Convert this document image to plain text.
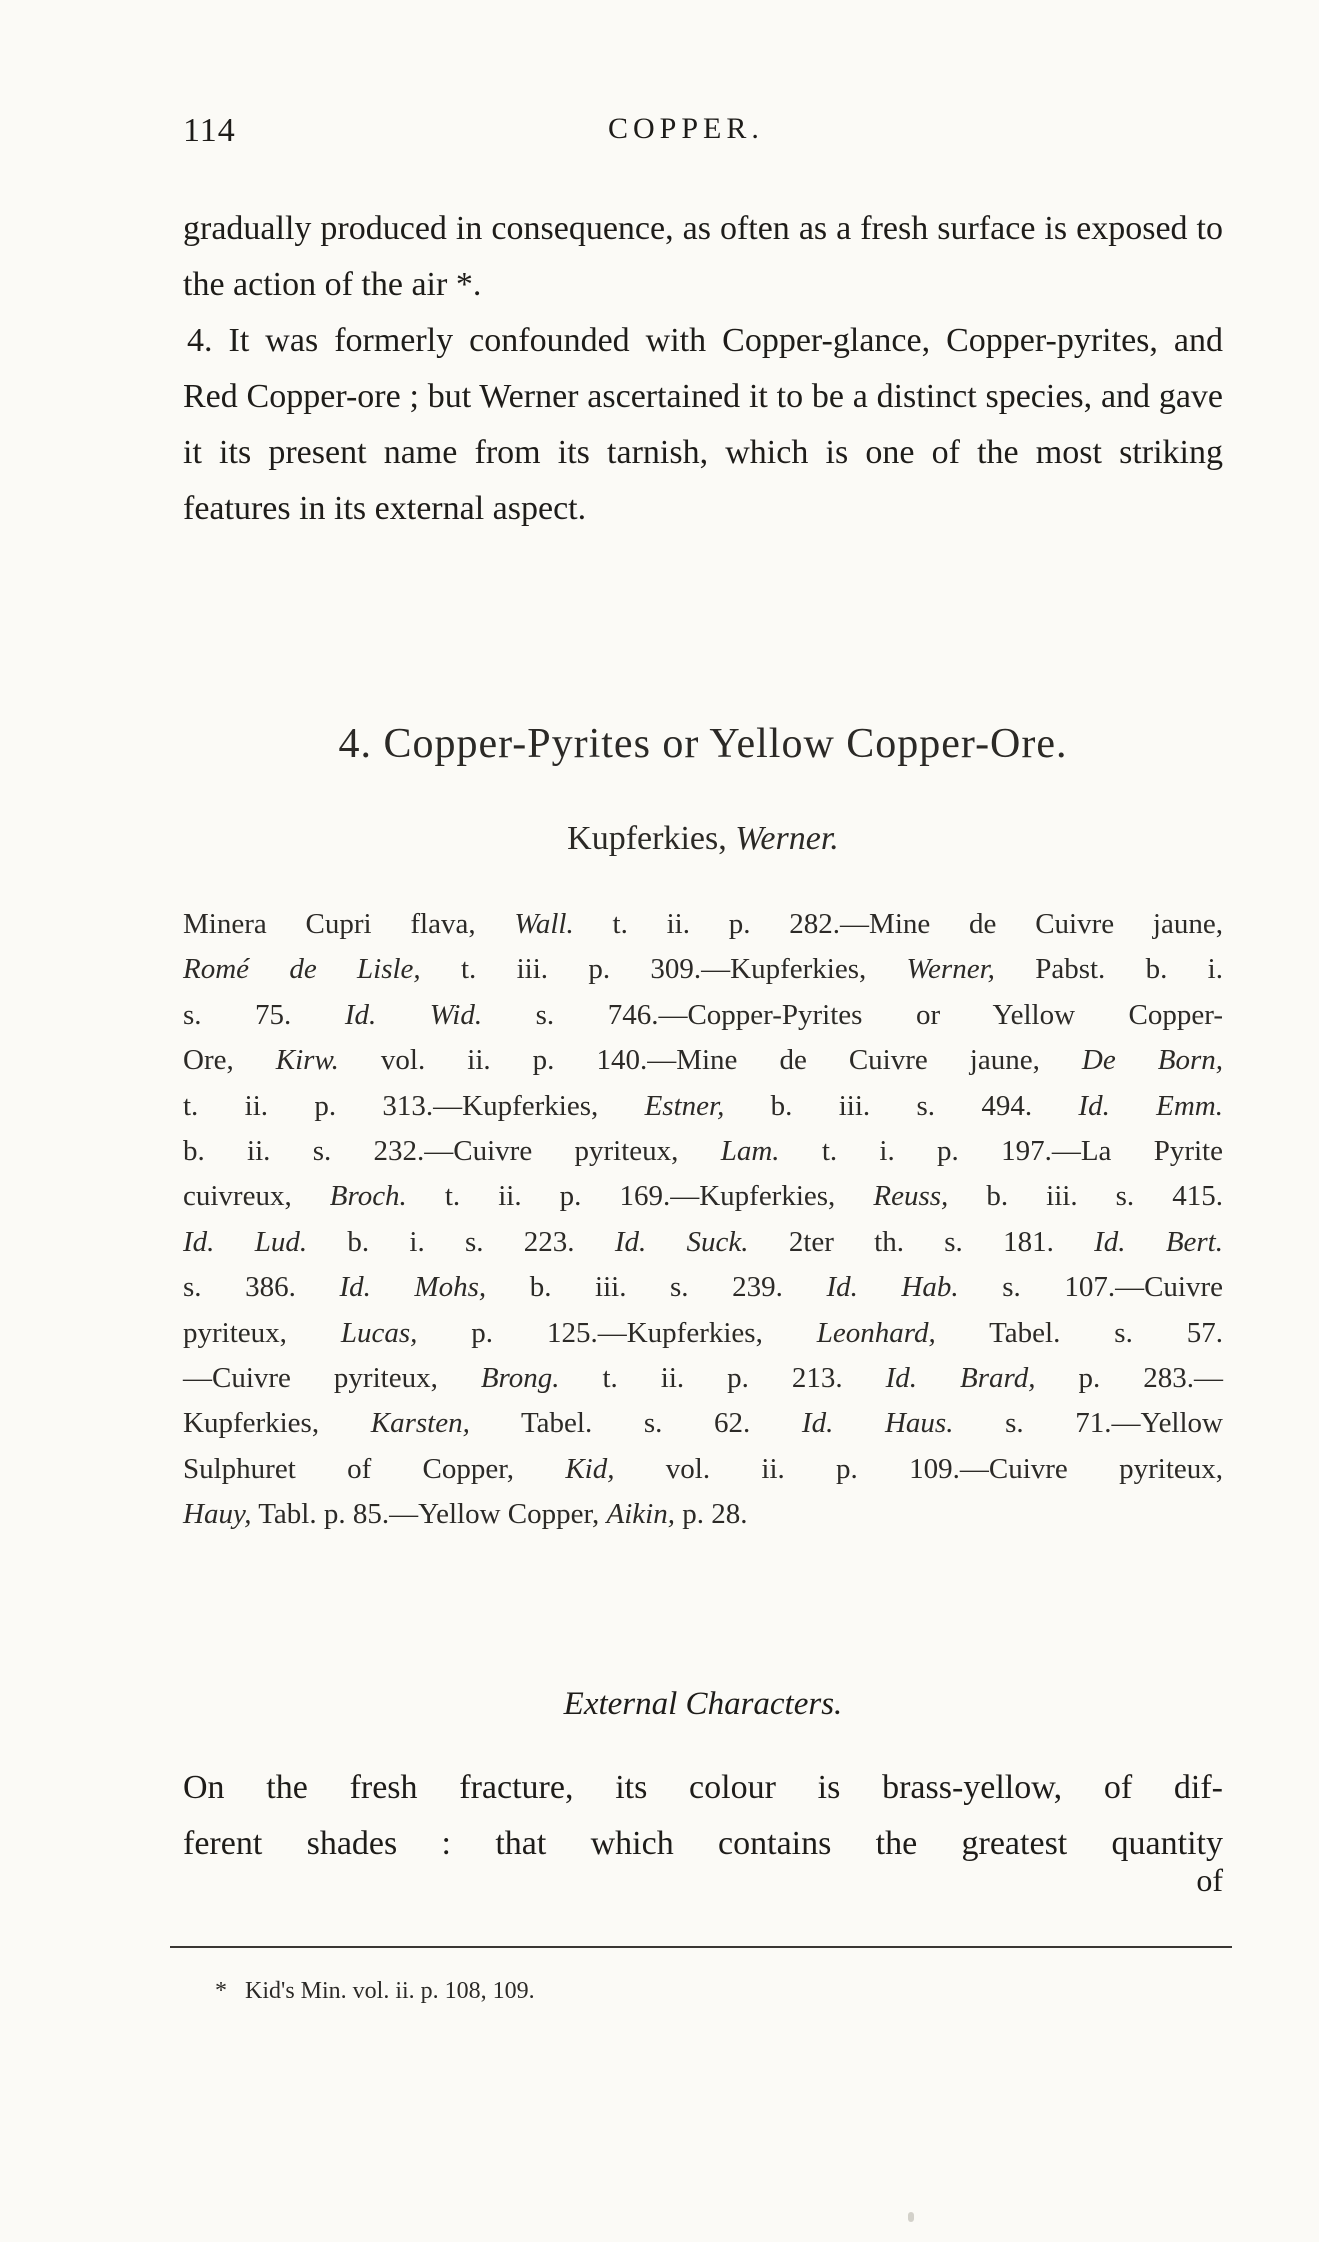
114	COPPER.
gradually produced in consequence, as often as a fresh surface is exposed to the action of the air *.
4. It was formerly confounded with Copper-glance, Copper-pyrites, and Red Copper-ore ; but Werner ascertained it to be a distinct species, and gave it its present name from its tarnish, which is one of the most striking features in its external aspect.
4. Copper-Pyrites or Yellow Copper-Ore.
Kupferkies, Werner.
Minera Cupri flava, Wall. t. ii. p. 282.—Mine de Cuivre jaune,
Romé de Lisle, t. iii. p. 309.—Kupferkies, Werner, Pabst. b. i.
s. 75. Id. Wid. s. 746.—Copper-Pyrites or Yellow Copper-
Ore, Kirw. vol. ii. p. 140.—Mine de Cuivre jaune, De Born,
t. ii. p. 313.—Kupferkies, Estner, b. iii. s. 494. Id. Emm.
b. ii. s. 232.—Cuivre pyriteux, Lam. t. i. p. 197.—La Pyrite
cuivreux, Broch. t. ii. p. 169.—Kupferkies, Reuss, b. iii. s. 415.
Id. Lud. b. i. s. 223. Id. Suck. 2ter th. s. 181. Id. Bert.
s. 386. Id. Mohs, b. iii. s. 239. Id. Hab. s. 107.—Cuivre
pyriteux, Lucas, p. 125.—Kupferkies, Leonhard, Tabel. s. 57.
—Cuivre pyriteux, Brong. t. ii. p. 213. Id. Brard, p. 283.—
Kupferkies, Karsten, Tabel. s. 62. Id. Haus. s. 71.—Yellow
Sulphuret of Copper, Kid, vol. ii. p. 109.—Cuivre pyriteux,
Hauy, Tabl. p. 85.—Yellow Copper, Aikin, p. 28.
External Characters.
On the fresh fracture, its colour is brass-yellow, of dif-
ferent shades : that which contains the greatest quantity
of
* Kid's Min. vol. ii. p. 108, 109.
